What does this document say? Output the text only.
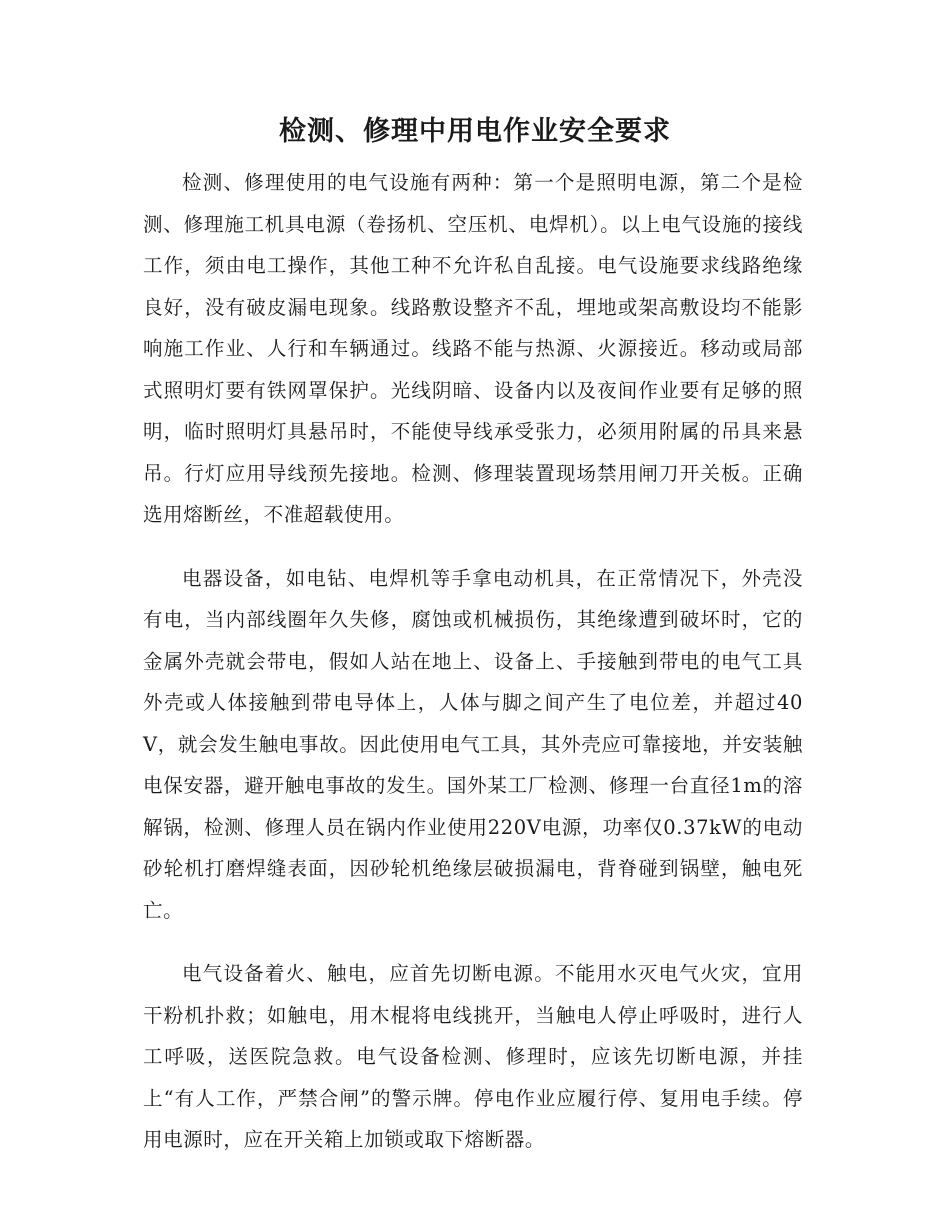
检测、修理中用电作业安全要求

检测、修理使用的电气设施有两种：第一个是照明电源，第二个是检测、修理施工机具电源（卷扬机、空压机、电焊机）。以上电气设施的接线工作，须由电工操作，其他工种不允许私自乱接。电气设施要求线路绝缘良好，没有破皮漏电现象。线路敷设整齐不乱，埋地或架高敷设均不能影响施工作业、人行和车辆通过。线路不能与热源、火源接近。移动或局部式照明灯要有铁网罩保护。光线阴暗、设备内以及夜间作业要有足够的照明，临时照明灯具悬吊时，不能使导线承受张力，必须用附属的吊具来悬吊。行灯应用导线预先接地。检测、修理装置现场禁用闸刀开关板。正确选用熔断丝，不准超载使用。

电器设备，如电钻、电焊机等手拿电动机具，在正常情况下，外壳没有电，当内部线圈年久失修，腐蚀或机械损伤，其绝缘遭到破坏时，它的金属外壳就会带电，假如人站在地上、设备上、手接触到带电的电气工具外壳或人体接触到带电导体上，人体与脚之间产生了电位差，并超过40V，就会发生触电事故。因此使用电气工具，其外壳应可靠接地，并安装触电保安器，避开触电事故的发生。国外某工厂检测、修理一台直径1m的溶解锅，检测、修理人员在锅内作业使用220V电源，功率仅0.37kW的电动砂轮机打磨焊缝表面，因砂轮机绝缘层破损漏电，背脊碰到锅壁，触电死亡。

电气设备着火、触电，应首先切断电源。不能用水灭电气火灾，宜用干粉机扑救；如触电，用木棍将电线挑开，当触电人停止呼吸时，进行人工呼吸，送医院急救。电气设备检测、修理时，应该先切断电源，并挂上“有人工作，严禁合闸”的警示牌。停电作业应履行停、复用电手续。停用电源时，应在开关箱上加锁或取下熔断器。
